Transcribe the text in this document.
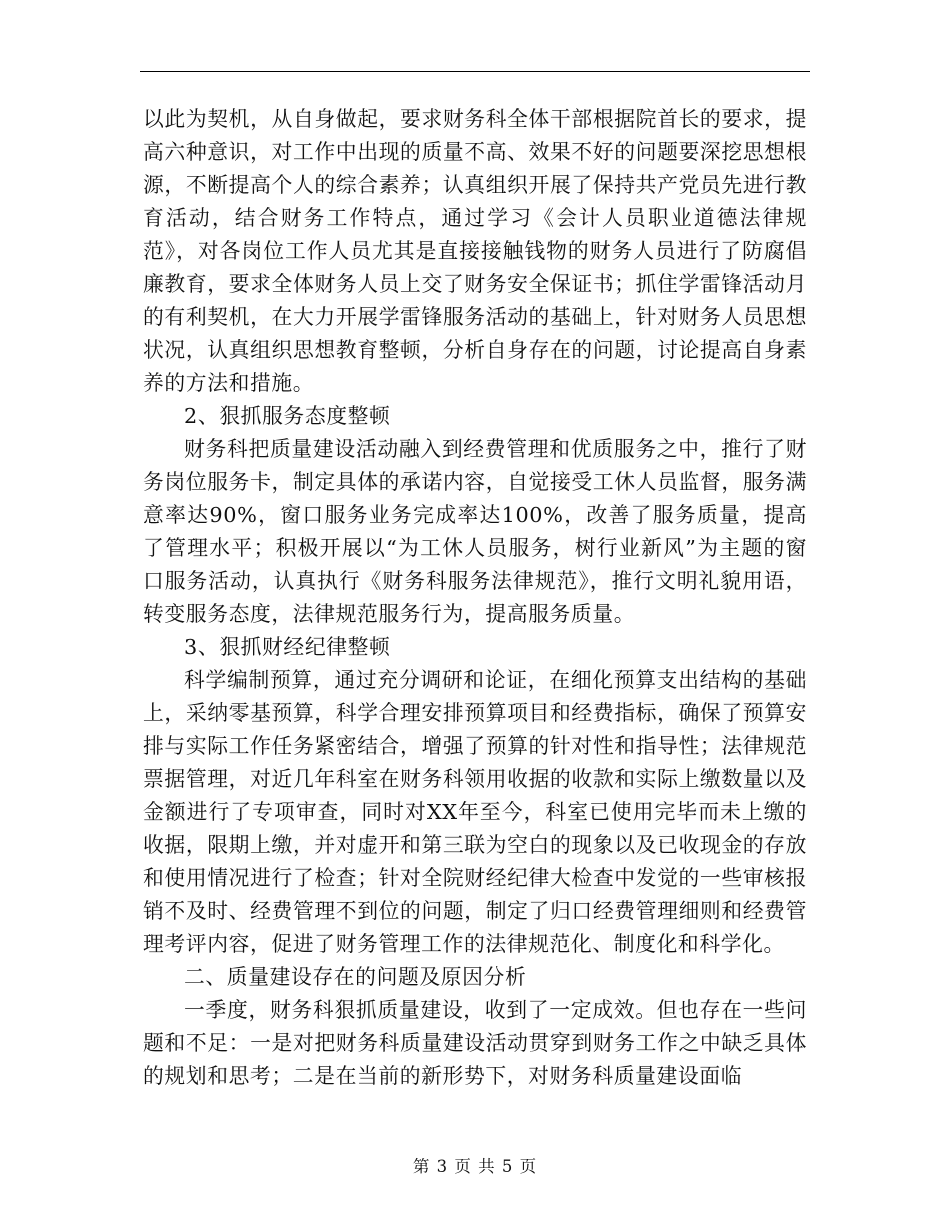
以此为契机，从自身做起，要求财务科全体干部根据院首长的要求，提高六种意识，对工作中出现的质量不高、效果不好的问题要深挖思想根源，不断提高个人的综合素养；认真组织开展了保持共产党员先进行教育活动，结合财务工作特点，通过学习《会计人员职业道德法律规范》，对各岗位工作人员尤其是直接接触钱物的财务人员进行了防腐倡廉教育，要求全体财务人员上交了财务安全保证书；抓住学雷锋活动月的有利契机，在大力开展学雷锋服务活动的基础上，针对财务人员思想状况，认真组织思想教育整顿，分析自身存在的问题，讨论提高自身素养的方法和措施。

2、狠抓服务态度整顿

财务科把质量建设活动融入到经费管理和优质服务之中，推行了财务岗位服务卡，制定具体的承诺内容，自觉接受工休人员监督，服务满意率达90%，窗口服务业务完成率达100%，改善了服务质量，提高了管理水平；积极开展以“为工休人员服务，树行业新风”为主题的窗口服务活动，认真执行《财务科服务法律规范》，推行文明礼貌用语，转变服务态度，法律规范服务行为，提高服务质量。

3、狠抓财经纪律整顿

科学编制预算，通过充分调研和论证，在细化预算支出结构的基础上，采纳零基预算，科学合理安排预算项目和经费指标，确保了预算安排与实际工作任务紧密结合，增强了预算的针对性和指导性；法律规范票据管理，对近几年科室在财务科领用收据的收款和实际上缴数量以及金额进行了专项审查，同时对XX年至今，科室已使用完毕而未上缴的收据，限期上缴，并对虚开和第三联为空白的现象以及已收现金的存放和使用情况进行了检查；针对全院财经纪律大检查中发觉的一些审核报销不及时、经费管理不到位的问题，制定了归口经费管理细则和经费管理考评内容，促进了财务管理工作的法律规范化、制度化和科学化。

二、质量建设存在的问题及原因分析

一季度，财务科狠抓质量建设，收到了一定成效。但也存在一些问题和不足：一是对把财务科质量建设活动贯穿到财务工作之中缺乏具体的规划和思考；二是在当前的新形势下，对财务科质量建设面临

第 3 页 共 5 页
